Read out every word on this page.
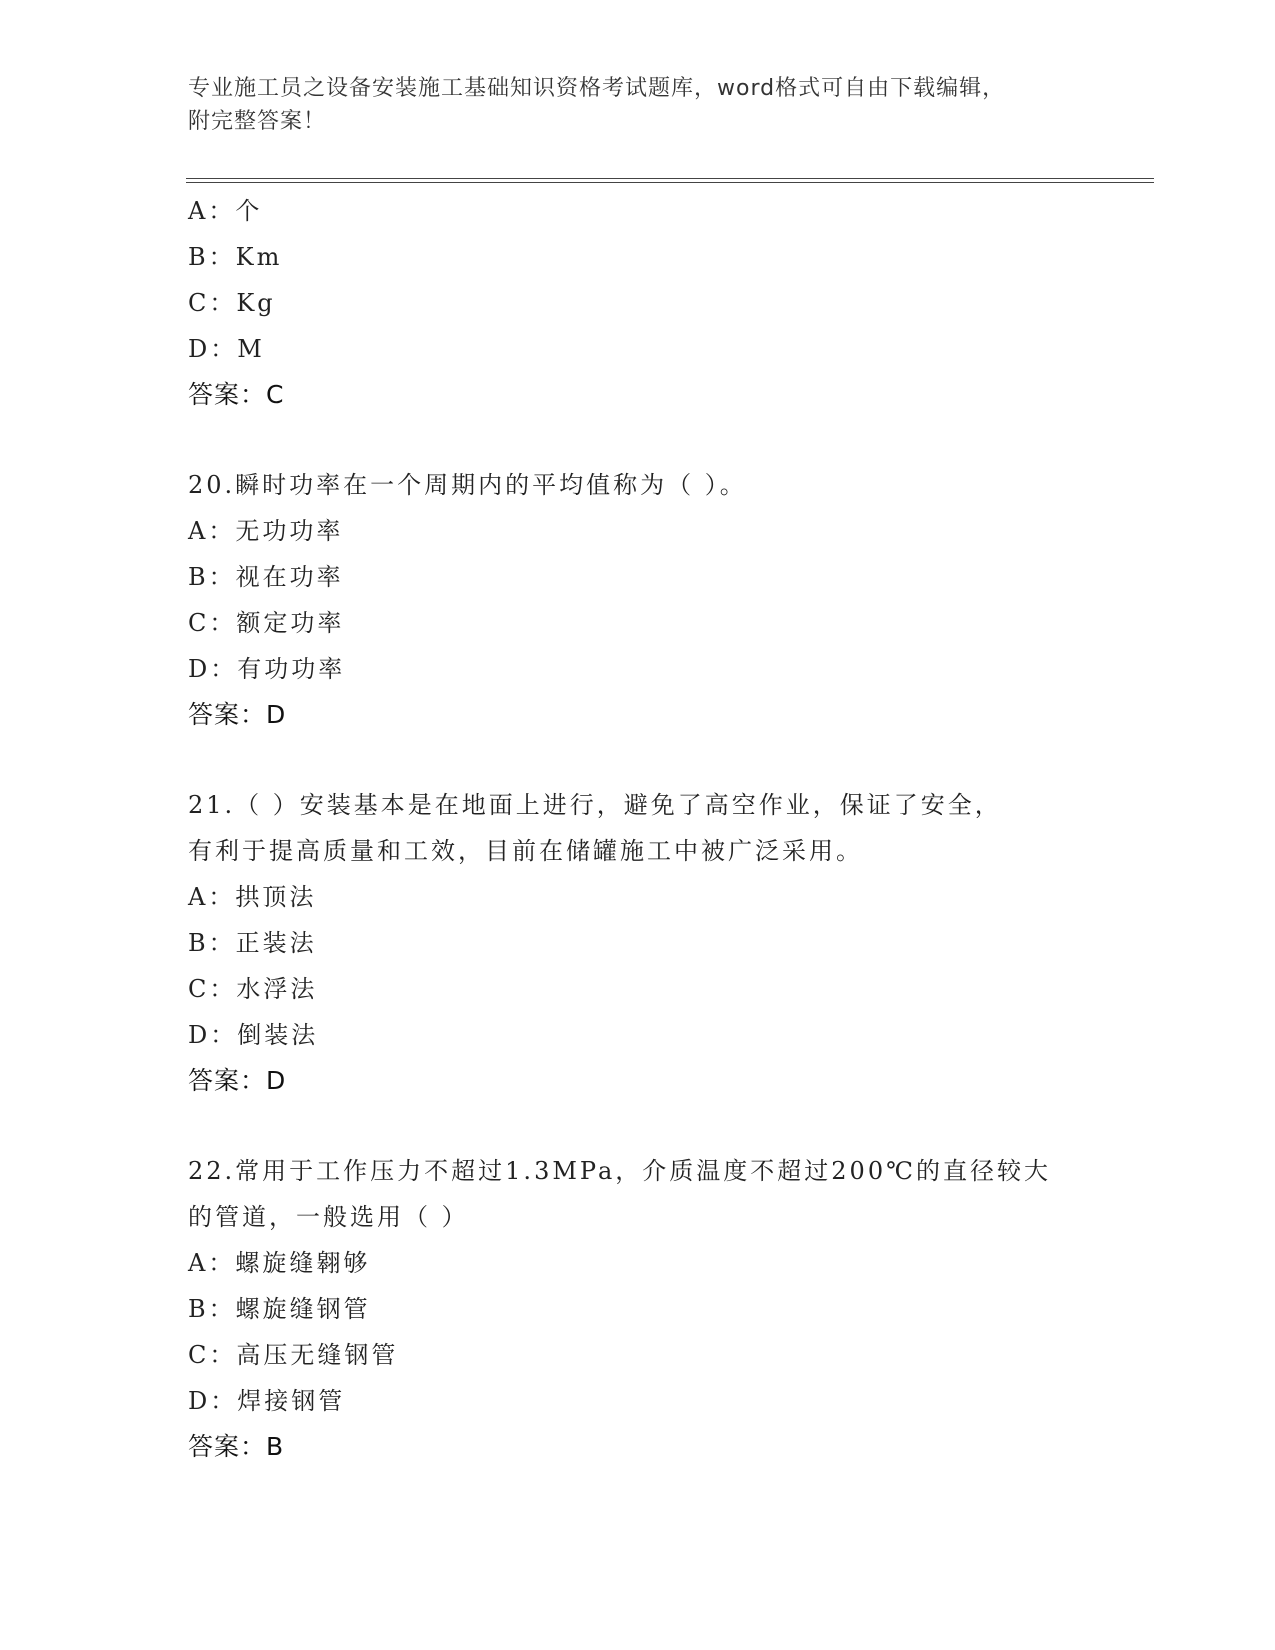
专业施工员之设备安装施工基础知识资格考试题库，word格式可自由下载编辑，
附完整答案！
A：个
B：Km
C：Kg
D：M
答案：C
20.瞬时功率在一个周期内的平均值称为（ ）。
A：无功功率
B：视在功率
C：额定功率
D：有功功率
答案：D
21.（ ）安装基本是在地面上进行，避免了高空作业，保证了安全，
有利于提高质量和工效，目前在储罐施工中被广泛采用。
A：拱顶法
B：正装法
C：水浮法
D：倒装法
答案：D
22.常用于工作压力不超过1.3MPa，介质温度不超过200℃的直径较大
的管道，一般选用（ ）
A：螺旋缝翱够
B：螺旋缝钢管
C：高压无缝钢管
D：焊接钢管
答案：B
